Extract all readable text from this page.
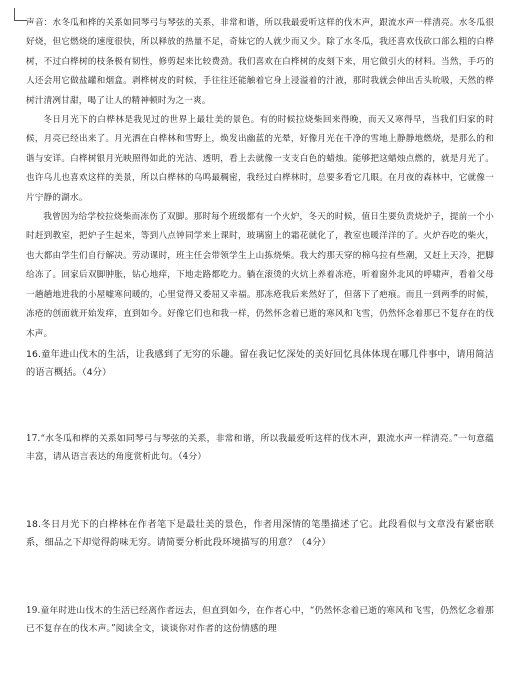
声音：水冬瓜和桦的关系如同琴弓与琴弦的关系，非常和谐，所以我最爱听这样的伐木声，跟流水声一样清亮。水冬瓜很好烧，但它燃烧的速度很快，所以释放的热量不足，奇妹它的人就少而又少。除了水冬瓜，我还喜欢伐砍口部么粗的白桦树，不过白桦树的枝条极有韧性，修剪起来比较费劲。我们喜欢在白桦树的皮刻下来，用它做引火的材料。当然，手巧的人还会用它做盐罐和烟盒。剥桦树皮的时候，手往往还能触着它身上浸溢着的汁液，那时我就会伸出舌头吮吸，天然的桦树汁清冽甘甜，喝了让人的精神顿时为之一爽。

冬日月光下的白桦林是我见过的世界上最壮美的景色。有的时候拉烧柴回来得晚，而天又寒得早，当我们归家的时候，月亮已经出来了。月光洒在白桦林和雪野上，焕发出幽蓝的光晕，好像月光在千净的雪地上静静地燃烧，是那么的和谐与安详。白桦树银月光映照得如此的光洁、透明，看上去就像一支支白色的蜡烛。能够把这蜡烛点燃的，就是月光了。也许乌儿也喜欢这样的美景，所以白桦林的乌鸣最稠密，我经过白桦林时，总要多看它几眼。在月夜的森林中，它就像一片宁静的湖水。

我曾因为给学校拉烧柴而冻伤了双脚。那时每个班级都有一个火炉，冬天的时候，值日生要负责烧炉子，提前一个小时赶到教室，把炉子生起来，等到八点钟同学来上课时，玻璃窗上的霜花就化了，教室也暖洋洋的了。火炉吞吃的柴火，也大都由学生们自行解决。劳动课时，班主任会带领学生上山拣烧柴。我大约那天穿的棉乌拉有些潮，又赶上天冷，把脚给冻了。回家后双脚肿胀，钻心地痒，下地走路都吃力。躺在滚烫的火炕上养着冻疮，听着窗外北风的呼啸声，看着父母一趟趟地进我的小屋嘘寒问暖的，心里觉得又委屈又幸福。那冻疮我后来然好了，但落下了疤痕。而且一到两季的时候，冻疮的创面就开始发痒，直到如今。好像它们也和我一样，仍然怀念着已逝的寒风和飞雪，仍然怀念着那已不复存在的伐木声。

16.童年进山伐木的生活，让我感到了无穷的乐趣。留在我记忆深处的美好回忆具体体现在哪几件事中，请用简洁的语言概括。（4分）

17.“水冬瓜和桦的关系如同琴弓与琴弦的关系，非常和谐，所以我最爱听这样的伐木声，跟流水声一样清亮。”一句意蕴丰富，请从语言表达的角度赏析此句。（4分）

18.冬日月光下的白桦林在作者笔下是最壮美的景色，作者用深情的笔墨描述了它。此段看似与文章没有紧密联系，细品之下却觉得韵味无穷。请简要分析此段环境描写的用意？（4分）

19.童年时进山伐木的生活已经离作者远去，但直到如今，在作者心中，“仍然怀念着已逝的寒风和飞雪，仍然忆念着那已不复存在的伐木声。”阅读全文，谈谈你对作者的这份情感的理
